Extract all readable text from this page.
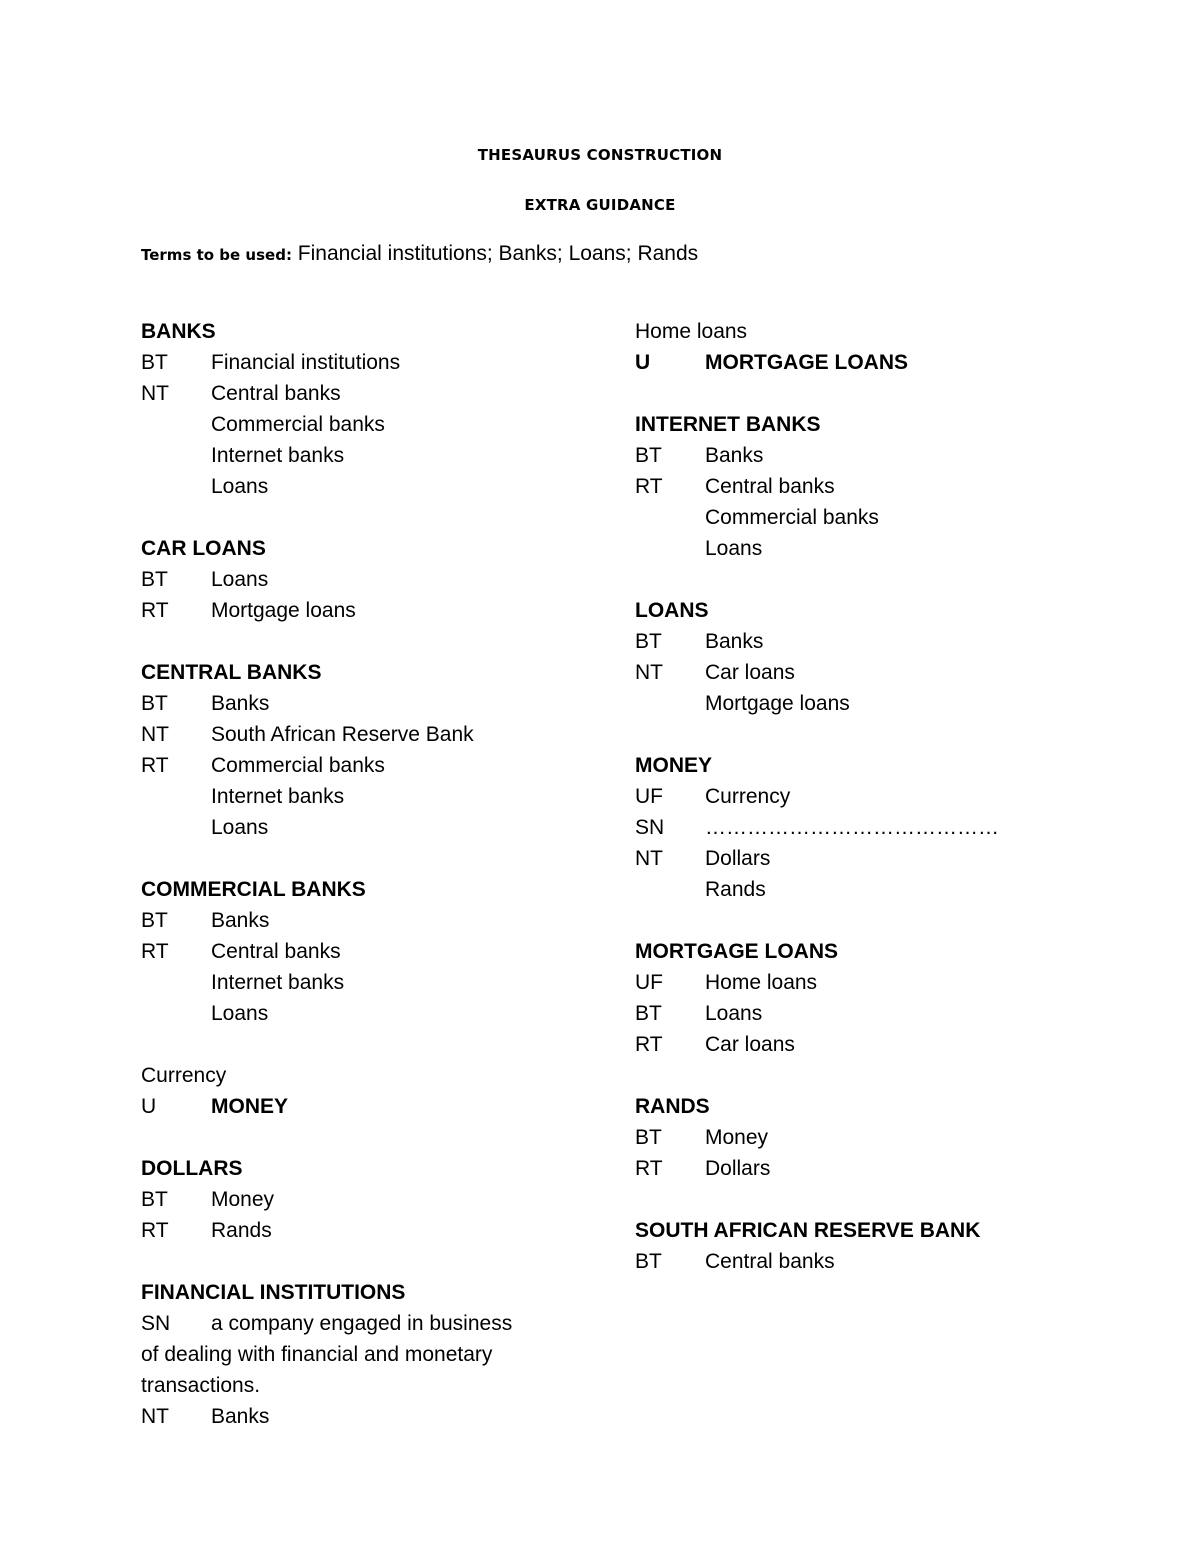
THESAURUS CONSTRUCTION
EXTRA GUIDANCE
Terms to be used: Financial institutions; Banks; Loans; Rands
BANKS
BT	Financial institutions
NT	Central banks
Commercial banks
Internet banks
Loans
CAR LOANS
BT	Loans
RT	Mortgage loans
CENTRAL BANKS
BT	Banks
NT	South African Reserve Bank
RT	Commercial banks
Internet banks
Loans
COMMERCIAL BANKS
BT	Banks
RT	Central banks
Internet banks
Loans
Currency
U	MONEY
DOLLARS
BT	Money
RT	Rands
FINANCIAL INSTITUTIONS
SN	a company engaged in business
of dealing with financial and monetary
transactions.
NT	Banks
Home loans
U	MORTGAGE LOANS
INTERNET BANKS
BT	Banks
RT	Central banks
Commercial banks
Loans
LOANS
BT	Banks
NT	Car loans
Mortgage loans
MONEY
UF	Currency
SN	……………………………………
NT	Dollars
Rands
MORTGAGE LOANS
UF	Home loans
BT	Loans
RT	Car loans
RANDS
BT	Money
RT	Dollars
SOUTH AFRICAN RESERVE BANK
BT	Central banks
